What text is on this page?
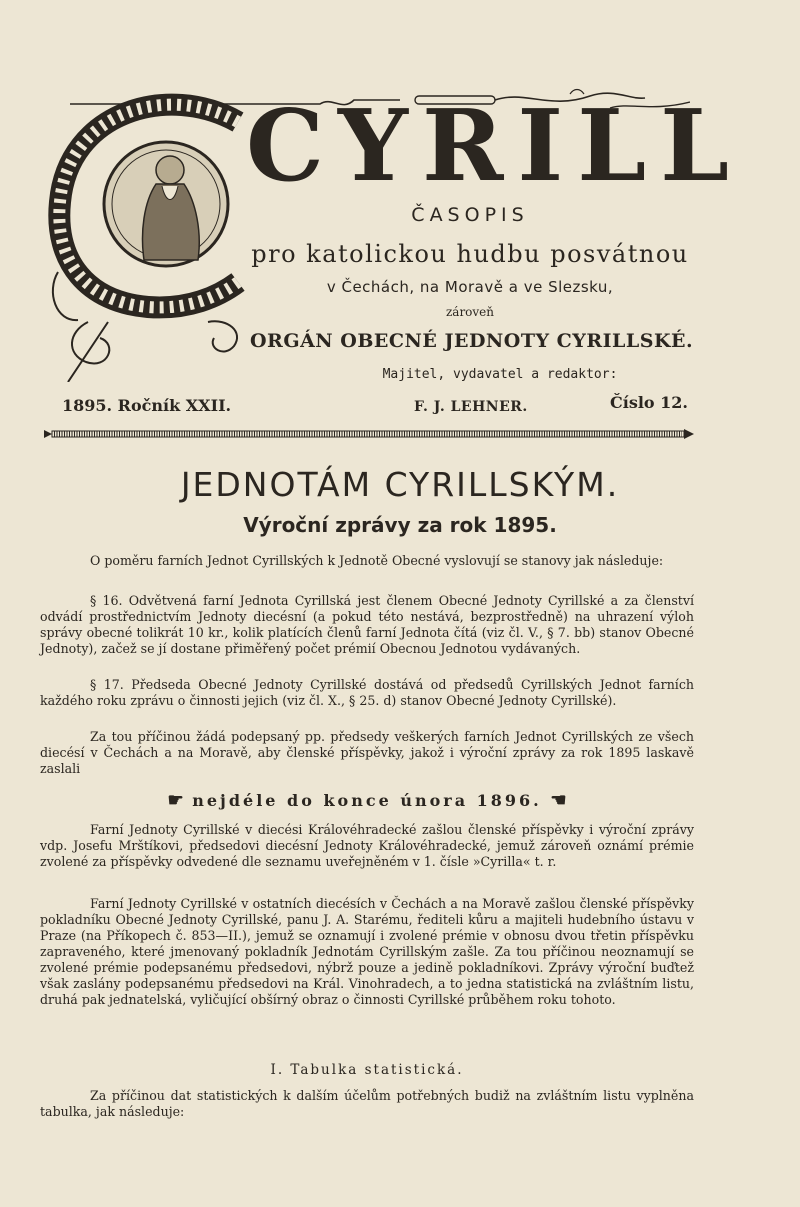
CYRILL
ČASOPIS
pro katolickou hudbu posvátnou
v Čechách, na Moravě a ve Slezsku,
zároveň
ORGÁN OBECNÉ JEDNOTY CYRILLSKÉ.
Majitel, vydavatel a redaktor:
1895. Ročník XXII.	F. J. LEHNER.	Číslo 12.
JEDNOTÁM CYRILLSKÝM.
Výroční zprávy za rok 1895.

O poměru farních Jednot Cyrillských k Jednotě Obecné vyslovují se stanovy jak následuje:

§ 16. Odvětvená farní Jednota Cyrillská jest členem Obecné Jednoty Cyrillské a za členství odvádí prostřednictvím Jednoty diecésní (a pokud této nestává, bezprostředně) na uhrazení výloh správy obecné tolikrát 10 kr., kolik platících členů farní Jednota čítá (viz čl. V., § 7. bb) stanov Obecné Jednoty), začež se jí dostane přiměřený počet prémií Obecnou Jednotou vydávaných.

§ 17. Předseda Obecné Jednoty Cyrillské dostává od předsedů Cyrillských Jednot farních každého roku zprávu o činnosti jejich (viz čl. X., § 25. d) stanov Obecné Jednoty Cyrillské).

Za tou příčinou žádá podepsaný pp. předsedy veškerých farních Jednot Cyrillských ze všech diecésí v Čechách a na Moravě, aby členské příspěvky, jakož i výroční zprávy za rok 1895 laskavě zaslali

☛ nejdéle do konce února 1896. ☚

Farní Jednoty Cyrillské v diecési Královéhradecké zašlou členské příspěvky i výroční zprávy vdp. Josefu Mrštíkovi, předsedovi diecésní Jednoty Královéhradecké, jemuž zároveň oznámí prémie zvolené za příspěvky odvedené dle seznamu uveřejněném v 1. čísle »Cyrilla« t. r.

Farní Jednoty Cyrillské v ostatních diecésích v Čechách a na Moravě zašlou členské příspěvky pokladníku Obecné Jednoty Cyrillské, panu J. A. Starému, řediteli kůru a majiteli hudebního ústavu v Praze (na Příkopech č. 853—II.), jemuž se oznamují i zvolené prémie v obnosu dvou třetin příspěvku zapraveného, které jmenovaný pokladník Jednotám Cyrillským zašle. Za tou příčinou neoznamují se zvolené prémie podepsanému předsedovi, nýbrž pouze a jedině pokladníkovi. Zprávy výroční buďtež však zaslány podepsanému předsedovi na Král. Vinohradech, a to jedna statistická na zvláštním listu, druhá pak jednatelská, vyličující obšírný obraz o činnosti Cyrillské průběhem roku tohoto.

I. Tabulka statistická.

Za příčinou dat statistických k dalším účelům potřebných budiž na zvláštním listu vyplněna tabulka, jak následuje:
